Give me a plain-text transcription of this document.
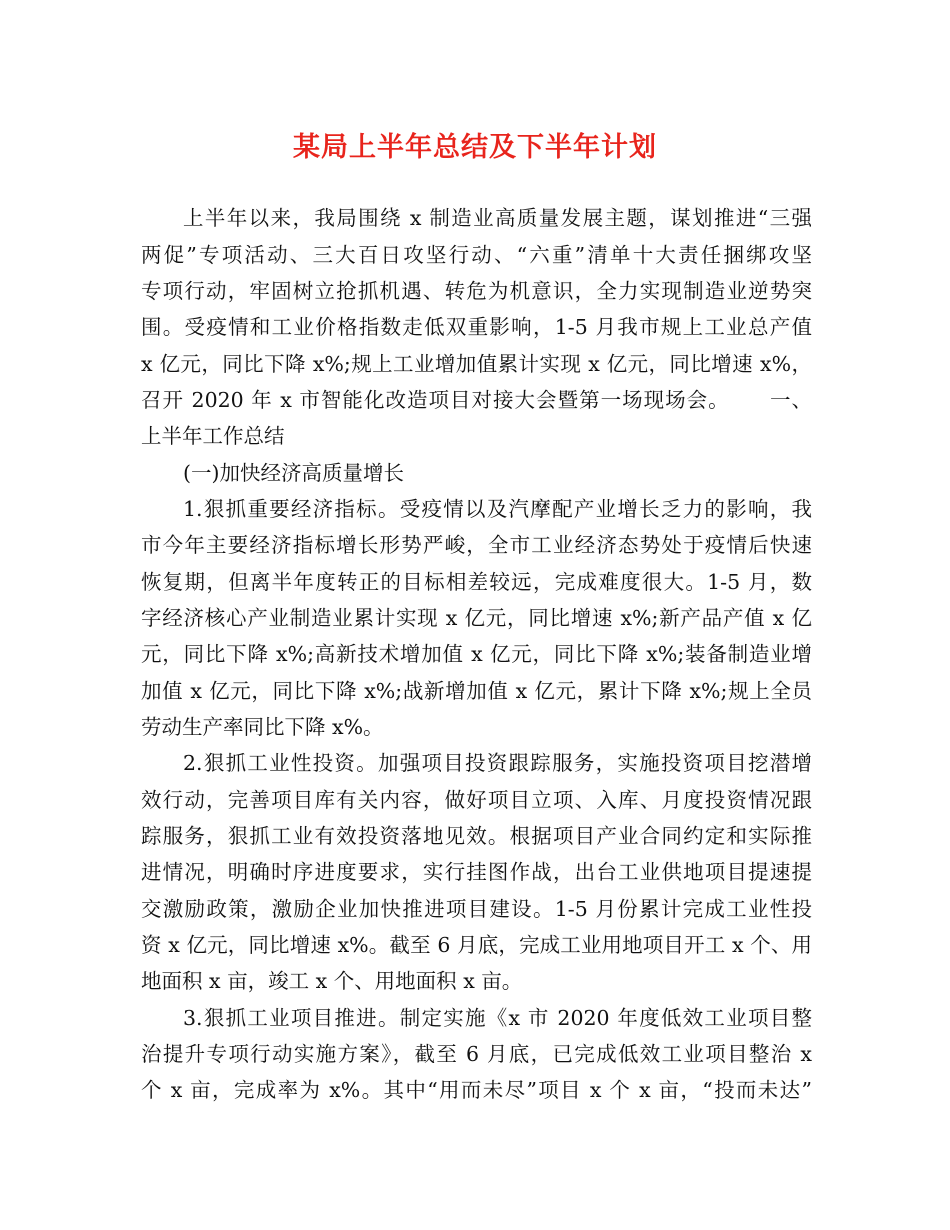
某局上半年总结及下半年计划

上半年以来，我局围绕 x 制造业高质量发展主题，谋划推进“三强

两促”专项活动、三大百日攻坚行动、“六重”清单十大责任捆绑攻坚

专项行动，牢固树立抢抓机遇、转危为机意识，全力实现制造业逆势突

围。受疫情和工业价格指数走低双重影响，1-5 月我市规上工业总产值

x 亿元，同比下降 x%;规上工业增加值累计实现 x 亿元，同比增速 x%，

召开 2020 年 x 市智能化改造项目对接大会暨第一场现场会。　　 一、

上半年工作总结

(一)加快经济高质量增长

1.狠抓重要经济指标。受疫情以及汽摩配产业增长乏力的影响，我

市今年主要经济指标增长形势严峻，全市工业经济态势处于疫情后快速

恢复期，但离半年度转正的目标相差较远，完成难度很大。1-5 月，数

字经济核心产业制造业累计实现 x 亿元，同比增速 x%;新产品产值 x 亿

元，同比下降 x%;高新技术增加值 x 亿元，同比下降 x%;装备制造业增

加值 x 亿元，同比下降 x%;战新增加值 x 亿元，累计下降 x%;规上全员

劳动生产率同比下降 x%。

2.狠抓工业性投资。加强项目投资跟踪服务，实施投资项目挖潜增

效行动，完善项目库有关内容，做好项目立项、入库、月度投资情况跟

踪服务，狠抓工业有效投资落地见效。根据项目产业合同约定和实际推

进情况，明确时序进度要求，实行挂图作战，出台工业供地项目提速提

交激励政策，激励企业加快推进项目建设。1-5 月份累计完成工业性投

资 x 亿元，同比增速 x%。截至 6 月底，完成工业用地项目开工 x 个、用

地面积 x 亩，竣工 x 个、用地面积 x 亩。

3.狠抓工业项目推进。制定实施《x 市 2020 年度低效工业项目整

治提升专项行动实施方案》，截至 6 月底，已完成低效工业项目整治 x

个 x 亩，完成率为 x%。其中“用而未尽”项目 x 个 x 亩，“投而未达”
